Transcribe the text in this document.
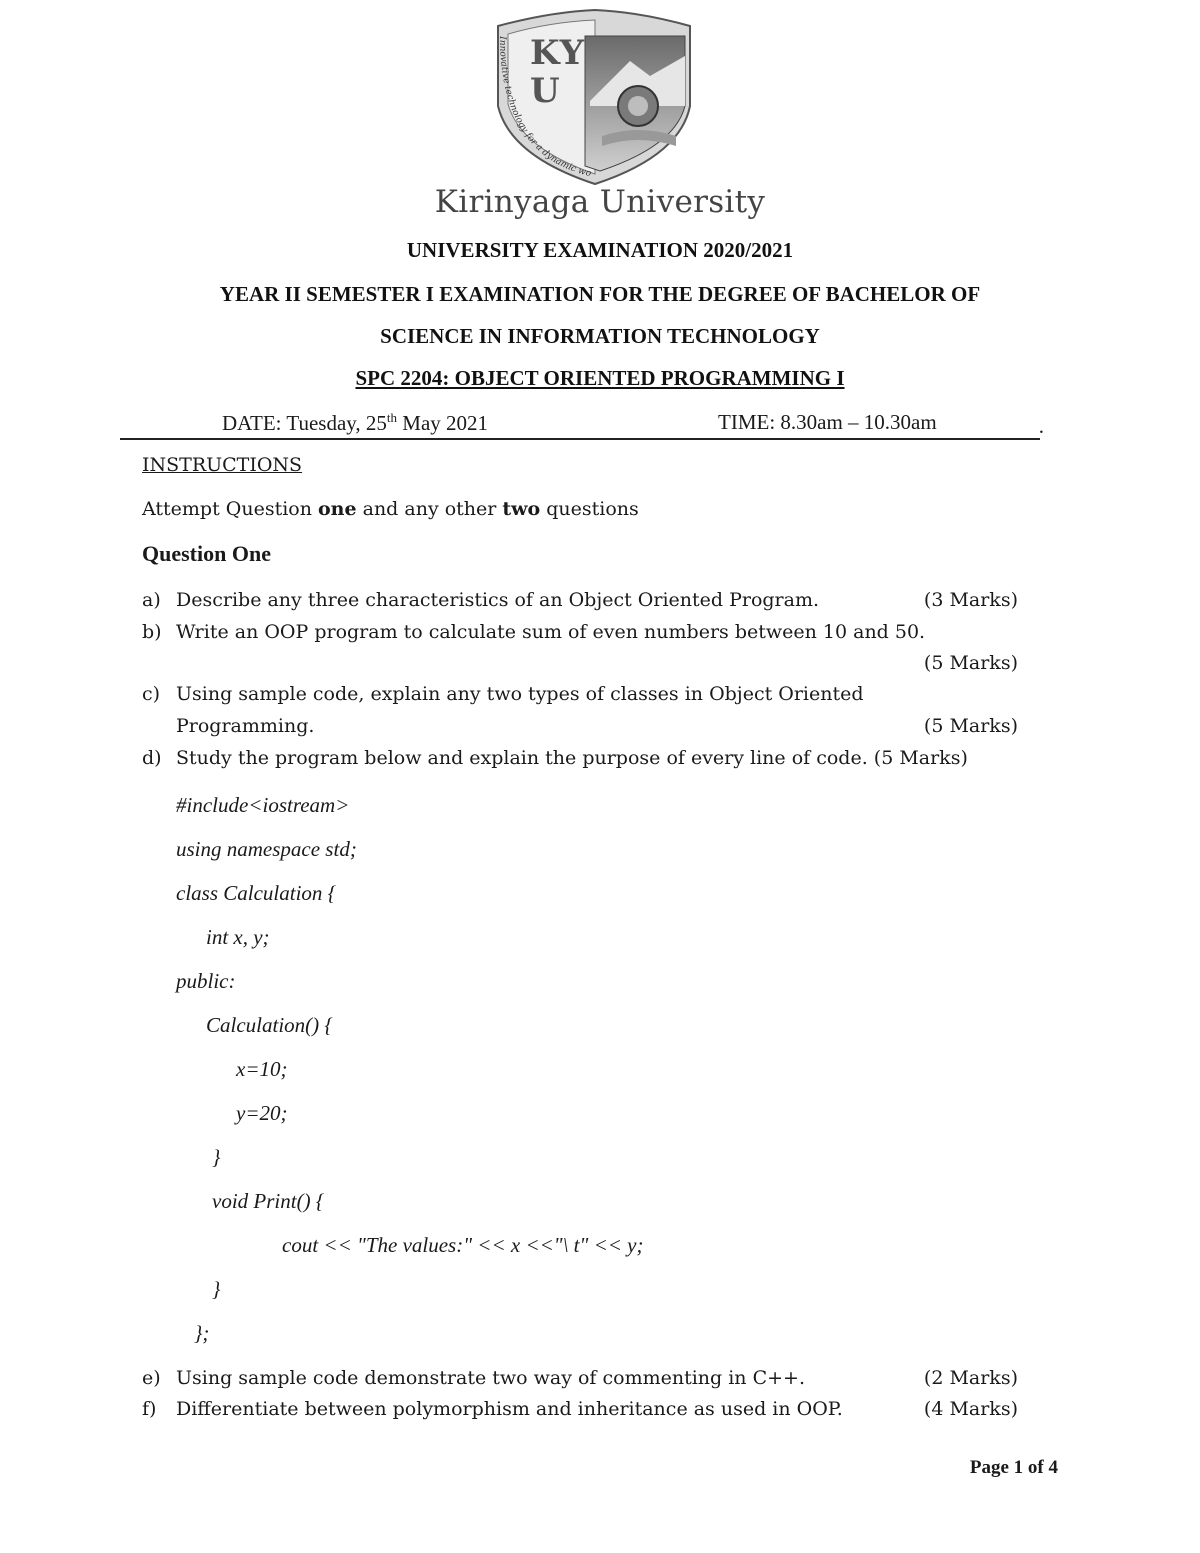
Innovative technology for a dynamic wo
KYU
Kirinyaga University
UNIVERSITY EXAMINATION 2020/2021
YEAR II SEMESTER I EXAMINATION FOR THE DEGREE OF BACHELOR OF
SCIENCE IN INFORMATION TECHNOLOGY
SPC 2204: OBJECT ORIENTED PROGRAMMING I
DATE: Tuesday, 25th May 2021	TIME: 8.30am – 10.30am	.
INSTRUCTIONS
Attempt Question one and any other two questions
Question One
a) Describe any three characteristics of an Object Oriented Program.	(3 Marks)
b) Write an OOP program to calculate sum of even numbers between 10 and 50.
(5 Marks)
c) Using sample code, explain any two types of classes in Object Oriented
Programming.	(5 Marks)
d) Study the program below and explain the purpose of every line of code. (5 Marks)
#include<iostream>
using namespace std;
class Calculation {
int x, y;
public:
Calculation() {
x=10;
y=20;
}
void Print() {
cout << "The values:" << x <<"\ t" << y;
}
};
e) Using sample code demonstrate two way of commenting in C++.	(2 Marks)
f) Differentiate between polymorphism and inheritance as used in OOP.	(4 Marks)
Page 1 of 4
